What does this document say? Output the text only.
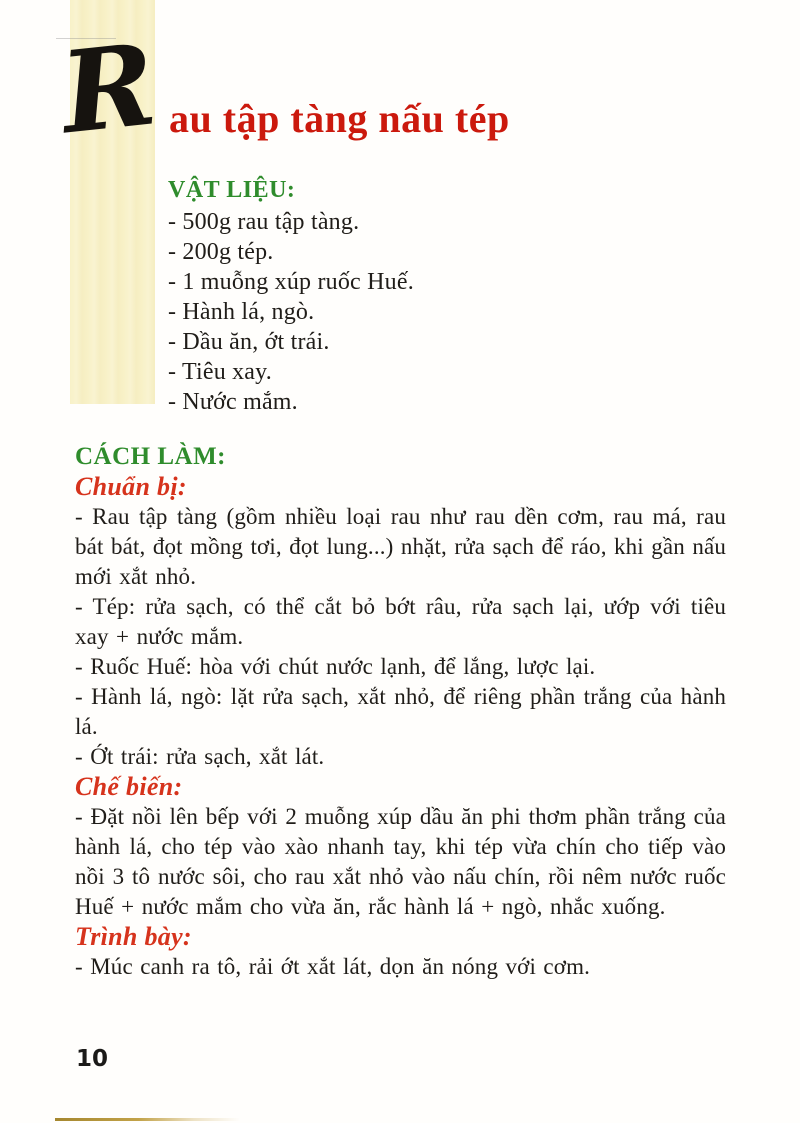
R au tập tàng nấu tép
VẬT LIỆU:
- 500g rau tập tàng.
- 200g tép.
- 1 muỗng xúp ruốc Huế.
- Hành lá, ngò.
- Dầu ăn, ớt trái.
- Tiêu xay.
- Nước mắm.
CÁCH LÀM:
Chuẩn bị:

- Rau tập tàng (gồm nhiều loại rau như rau dền cơm, rau má, rau bát bát, đọt mồng tơi, đọt lung...) nhặt, rửa sạch để ráo, khi gần nấu mới xắt nhỏ.

- Tép: rửa sạch, có thể cắt bỏ bớt râu, rửa sạch lại, ướp với tiêu xay + nước mắm.

- Ruốc Huế: hòa với chút nước lạnh, để lắng, lược lại.

- Hành lá, ngò: lặt rửa sạch, xắt nhỏ, để riêng phần trắng của hành lá.

- Ớt trái: rửa sạch, xắt lát.

Chế biến:

- Đặt nồi lên bếp với 2 muỗng xúp dầu ăn phi thơm phần trắng của hành lá, cho tép vào xào nhanh tay, khi tép vừa chín cho tiếp vào nồi 3 tô nước sôi, cho rau xắt nhỏ vào nấu chín, rồi nêm nước ruốc Huế + nước mắm cho vừa ăn, rắc hành lá + ngò, nhắc xuống.

Trình bày:

- Múc canh ra tô, rải ớt xắt lát, dọn ăn nóng với cơm.

10
